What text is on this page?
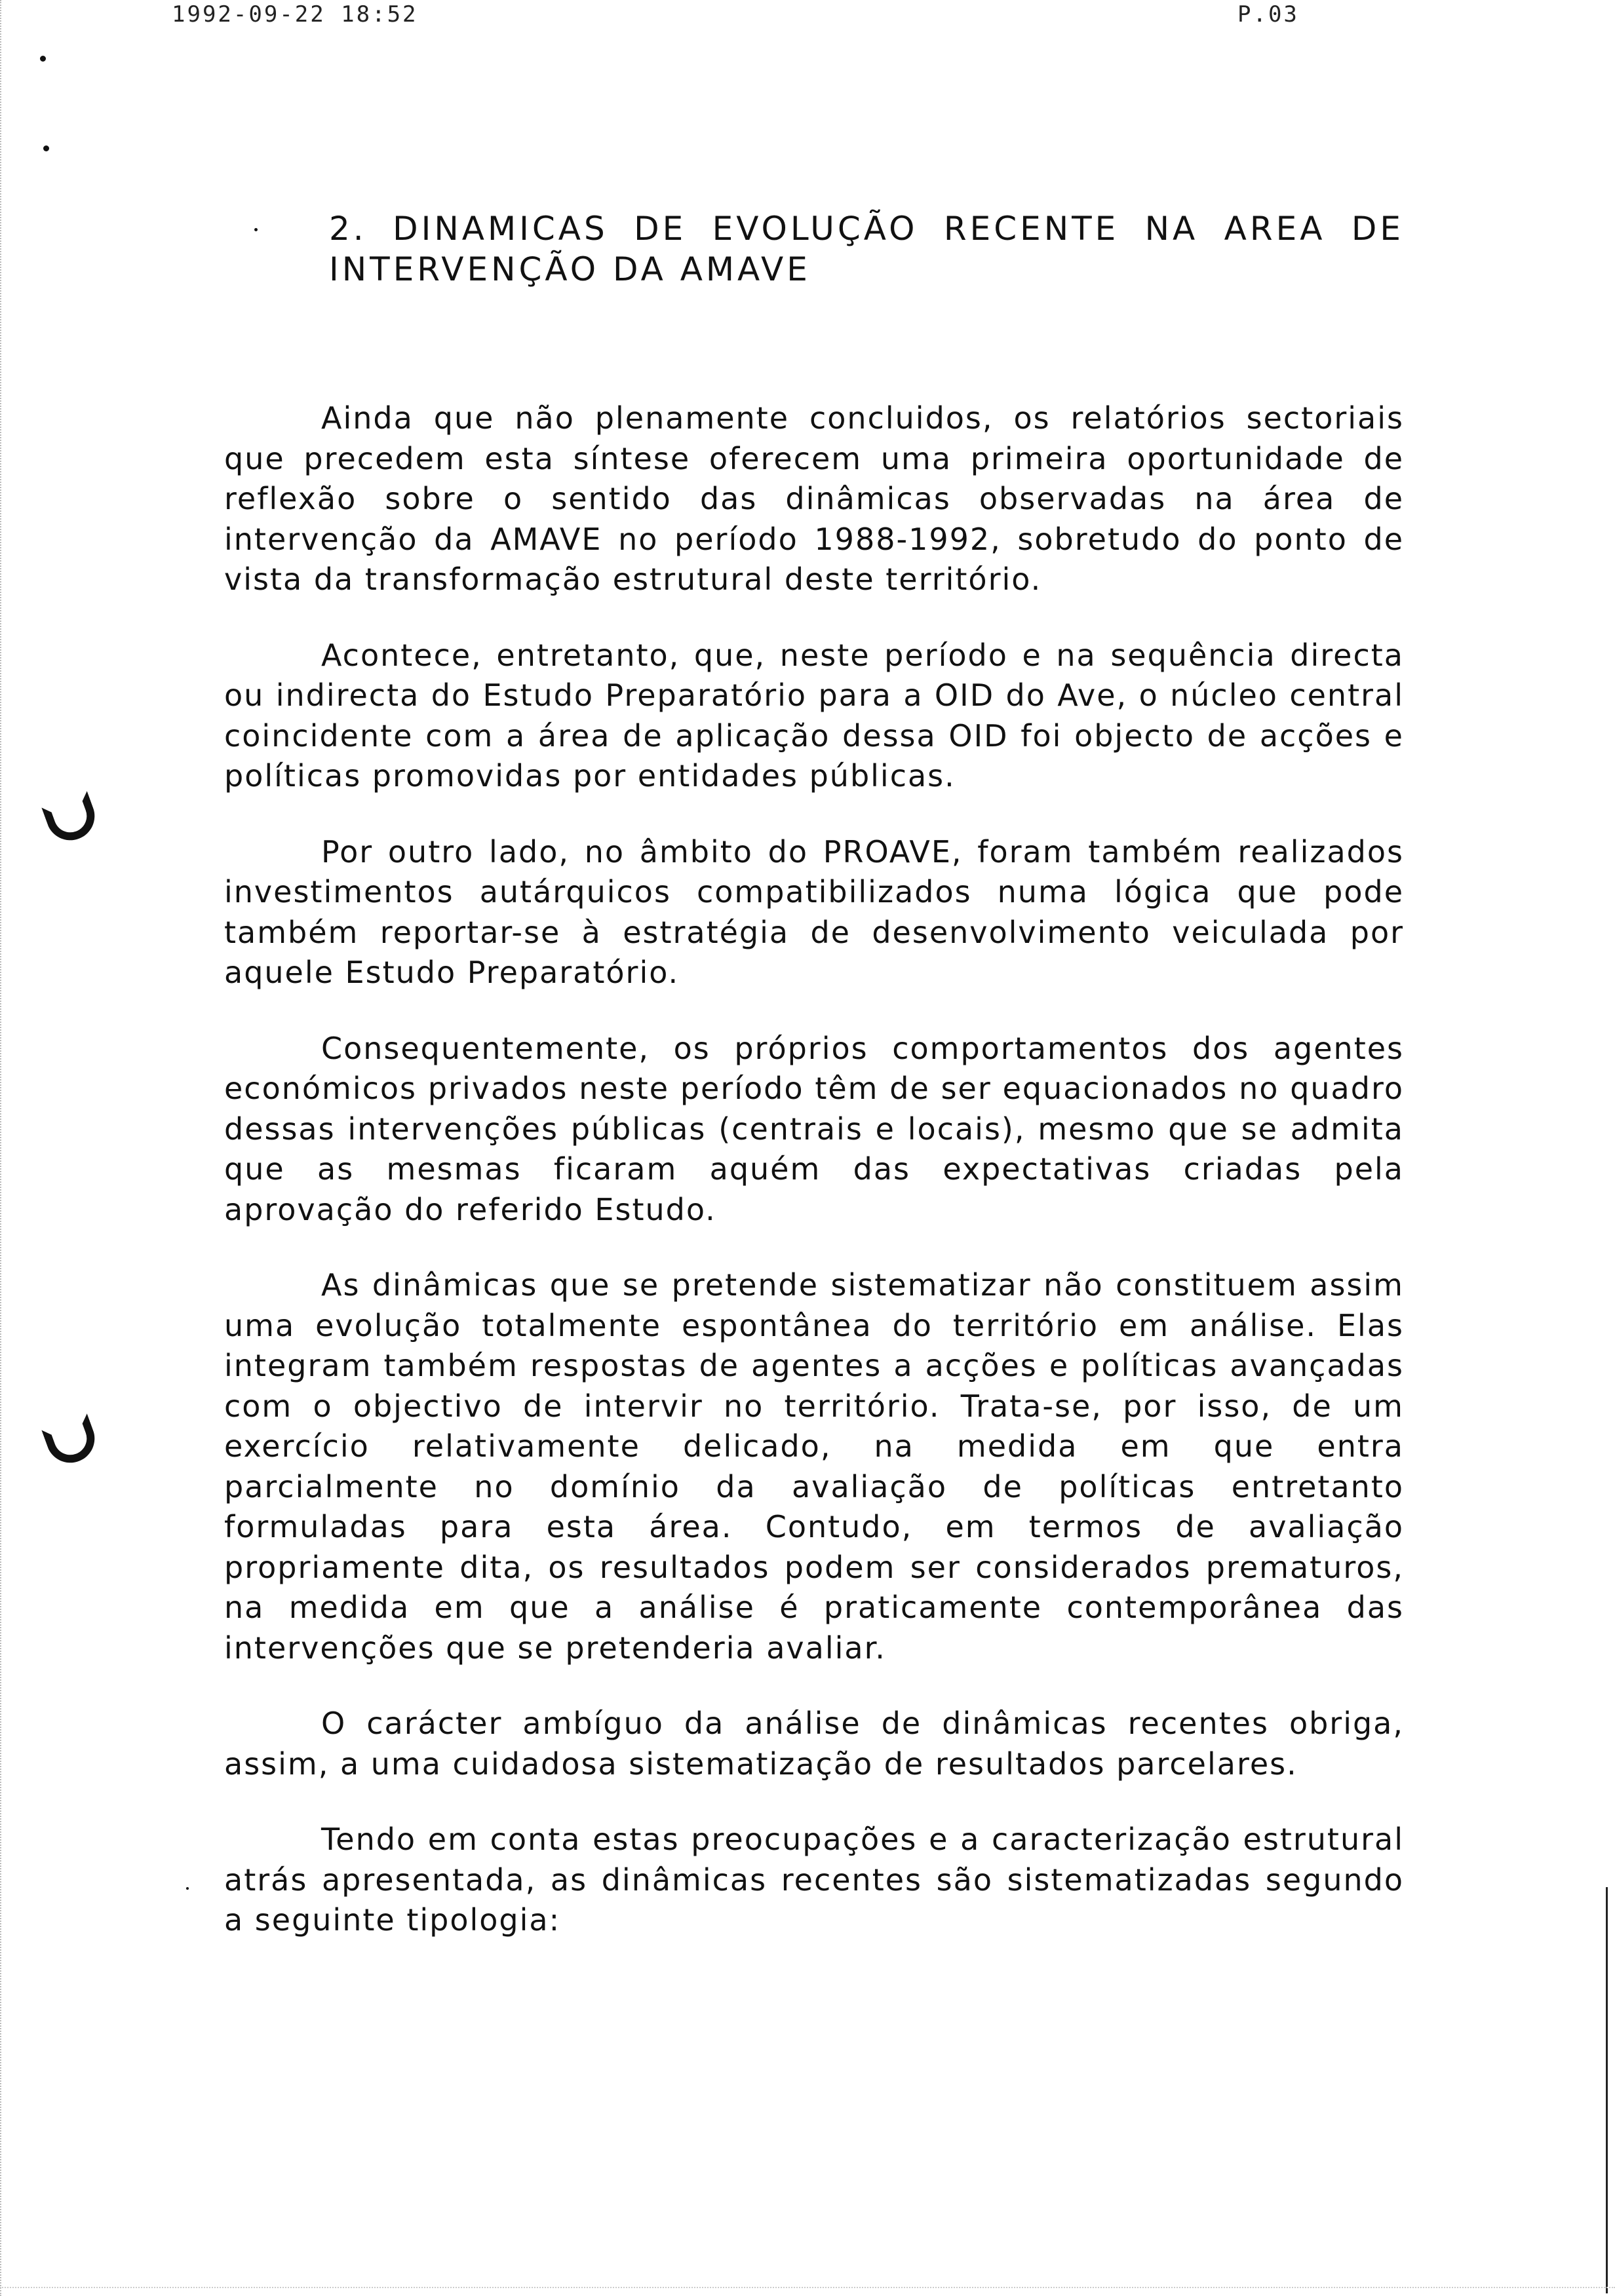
1992-09-22 18:52	P.03
2. DINAMICAS DE EVOLUÇÃO RECENTE NA AREA DE
INTERVENÇÃO DA AMAVE

Ainda que não plenamente concluidos, os relatórios sectoriais que precedem esta síntese oferecem uma primeira oportunidade de reflexão sobre o sentido das dinâmicas observadas na área de intervenção da AMAVE no período 1988-1992, sobretudo do ponto de vista da transformação estrutural deste território.

Acontece, entretanto, que, neste período e na sequência directa ou indirecta do Estudo Preparatório para a OID do Ave, o núcleo central coincidente com a área de aplicação dessa OID foi objecto de acções e políticas promovidas por entidades públicas.

Por outro lado, no âmbito do PROAVE, foram também realizados investimentos autárquicos compatibilizados numa lógica que pode também reportar-se à estratégia de desenvolvimento veiculada por aquele Estudo Preparatório.

Consequentemente, os próprios comportamentos dos agentes económicos privados neste período têm de ser equacionados no quadro dessas intervenções públicas (centrais e locais), mesmo que se admita que as mesmas ficaram aquém das expectativas criadas pela aprovação do referido Estudo.

As dinâmicas que se pretende sistematizar não constituem assim uma evolução totalmente espontânea do território em análise. Elas integram também respostas de agentes a acções e políticas avançadas com o objectivo de intervir no território. Trata-se, por isso, de um exercício relativamente delicado, na medida em que entra parcialmente no domínio da avaliação de políticas entretanto formuladas para esta área. Contudo, em termos de avaliação propriamente dita, os resultados podem ser considerados prematuros, na medida em que a análise é praticamente contemporânea das intervenções que se pretenderia avaliar.

O carácter ambíguo da análise de dinâmicas recentes obriga, assim, a uma cuidadosa sistematização de resultados parcelares.

Tendo em conta estas preocupações e a caracterização estrutural atrás apresentada, as dinâmicas recentes são sistematizadas segundo a seguinte tipologia:
